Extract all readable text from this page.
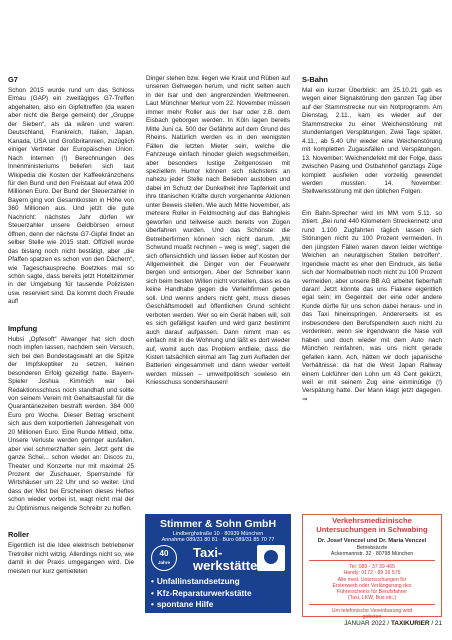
G7

Schon 2015 wurde rund um das Schloss Elmau (GAP) ein zweitägiges G7-Treffen abgehalten, also ein Gipfeltreffen (da waren aber nicht die Berge gemeint) der „Gruppe der Sieben“, als da wären und waren: Deutschland, Frankreich, Italien, Japan, Kanada, USA und Großbritannien, zuzüglich einiger Vertreter der Europäischen Union. Nach Internen (!) Berechnungen des Innenministeriums beliefen sich laut Wikipedia die Kosten der Kaffeekränzchens für den Bund und den Freistaat auf etwa 200 Millionen Euro. Der Bund der Steuerzahler in Bayern ging von Gesamtkosten in Höhe von 360 Millionen aus. Und jetzt die gute Nachricht: nächstes Jahr dürfen wir Steuerzahler unsere Geldbörsen erneut öffnen, denn der nächste G7-Gipfel findet an selber Stelle wie 2015 statt. Offiziell wurde das bislang noch nicht bestätigt, aber „die Pfaffen spatzen es schon von den Dächern“, wie Tageschauspreche Boetzkes mal so schön sagte, dass bereits jetzt Hoteltzimmer in der Umgebung für tausende Polizisten usw. reserviert sind. Da kommt doch Freude auf!

Impfung

Hubsi „Opfesoft“ Aiwanger hat sich doch noch impfen lassen, nachdem sein Versuch, sich bei den Bundestagswahl an die Spitze der Impfskeptiker zu setzen, keinen besonderen Erfolg gezeitigt hatte. Bayern-Spieler Joshua Kimmich war bei Redaktionsschluss noch standhaft und sollte von seinem Verein mit Gehaltsausfall für die Quarantänezeiten bestraft werden. 384 000 Euro pro Woche. Dieser Betrag erscheint sich aus dem kolportierten Jahresgehalt von 20 Millionen Euro. Eine Runde Mitleid, bitte. Unsere Verluste werden geringer ausfallen, aber viel schmerzhafter sein. Jetzt geht die ganze Schei... schon wieder an: Discos zu, Theater und Konzerte nur mit maximal 25 Prozent der Zuschauer, Sperrstunde für Wirtshäuser um 22 Uhr und so weiter. Und dass der Mist bei Erscheinen dieses Heftes schon wieder vorbei ist, wagt nicht mal der zu Optimismus neigende Schreibr zu hoffen.

Roller

Eigentlich ist die Idee elektrisch betriebener Tretroller nicht witzig. Allerdings nicht so, wie damit in der Praxis umgegangen wird. Die meisten nur kurz gemieteten

Dinger stehen bzw. liegen wie Kraut und Rüben auf unseren Gehwegen herum, und nicht selten auch in der Isar und den angrenzenden Weltmeeren. Laut Münchner Merkur vom 22. November müssen immer mehr Roller aus der Isar oder z.B. dem Eisbach geborgen werden. In Köln lagen bereits Mitte Juni ca. 500 der Gefährte auf dem Grund des Rheins. Natürlich werden es in den wenigsten Fällen die letzten Mieter sein, welche die Fahrzeuge einfach hinoder gleich wegschmeißen, aber besonders lustige Zeitgenossen mit speziellem Humor können sich nächstens an nahezu jeder Stelle nach Belieben austoben und dabei im Schutz der Dunkelheit ihre Tapferkeit und ihre titanischen Kräfte durch vorgenannte Aktionen unter Beweis stellen. Wie auch Mitte November, als mehrere Roller in Feldmoching auf das Bahngleis geworfen und teilweise auch bereits von Zügen überfahren wurden. Und das Schönste: die Betreiberfirmen können sich nicht darum. „Mit Schwund muaßt rechnen – weg is weg“, sagen die sich offensichtlich und lassen lieber auf Kosten der Allgemeinheit die Dinger von der Feuerwehr bergen und entsorgen. Aber der Schreiber kann sich beim besten Willen nicht vorstellen, dass es da keine Handhabe gegen die Verleihfirmen geben soll. Und wenns anders nicht geht, muss dieses Geschäftsmodell auf öffentlichen Grund schlicht verboten werden. Wer so ein Gerät haben will, soll es sich gefälligst kaufen und wird ganz bestimmt auch darauf aufpassen. Dann nimmt man es einfach mit in die Wohnung und läßt es dort wieder auf, womit auch das Problem entfiele, dass die Kisten tatsächlich einmal am Tag zum Aufladen der Batterien eingesammelt und dann wieder verteilt werden müssen – umweltpolitisch sowieso ein Kniesschuss sondershausen!

S-Bahn

Mal ein kurzer Überblick: am 25.10.21 gab es wegen einer Signalstörung den ganzen Tag über auf der Stammstrecke nur ein Notprogramm. Am Dienstag, 2.11., kam es wieder auf der Stammstrecke zu einer Weichenstörung mit stundenlangen Verspätungen. Zwei Tage später, 4.11., ab 5.40 Uhr wieder eine Weichenstörung mit kompletten Zugausfällen und Verspätungen. 13. November: Weichendefekt mit der Folge, dass zwischen Pasing und Ostbahnhof ganztags Züge komplett ausfielen oder vorzeitig gewendet werden mussten. 14. November: Stellwerksstörung mit den üblichen Folgen.

Ein Bahn-Sprecher wird im MM vom 5.11. so zitiert: „Bei rund 440 Kilometern Streckennetz und rund 1.100 Zugfahrten täglich lassen sich Störungen nicht zu 100 Prozent vermeiden. In den jüngsten Fällen waren davon leider wichtige Weichen an neuralgischen Stellen betroffen“. Irgendwie macht es eher den Eindruck, als ließe sich der Normalbetrieb noch nicht zu 100 Prozent vermeiden, aber unsere BB AG arbeitet fieberhaft daran! Jetzt könnte das uns Fiakere eigentlich egal sein; im Gegenteil: der eine oder andere Kunde dürfte für uns schon dabei heraus- und in das Taxi hineinspringen. Andererseits ist es insbesondere den Berufspendlern auch nicht zu verdenken, wenn sie irgendwann die Nase voll haben und doch wieder mit dem Auto nach München reinfahren, was uns nicht gerade gefallen kann. Ach, hätten wir doch japanische Verhältnisse: da hat die West Japan Railway einem Lokführer den Lohn um 43 Cent gekürzt, weil er mit seinem Zug eine einminütige (!) Verspätung hatte. Der Mann klagt jetzt dagegen. ⇒

Stimmer & Sohn GmbH
Lindberghstraße 10 · 80939 München
Annahme 089/31 80 81 · Büro 089/31 85 70 77
40
Jahre
Taxi-
werkstätte
• Unfallinstandsetzung
• Kfz-Reparaturwerkstätte
• spontane Hilfe
Verkehrsmedizinische
Untersuchungen in Schwabing
Dr. Josef Venczel und Dr. Maria Venczel
Betriebsärzte
Ackermannstr. 32 · 80798 München
Tel: 089 - 37 39 465
Handy: 0172 - 89 16 575
Alle med. Untersuchungen für
Ersterwerb oder Verlängerung des
Führerscheins für Berufsfahrer
(Taxi, LKW, Bus etc.)
Um telefonische Vereinbarung wird
gebeten
JANUAR 2022 / TAXIKURIER / 21
